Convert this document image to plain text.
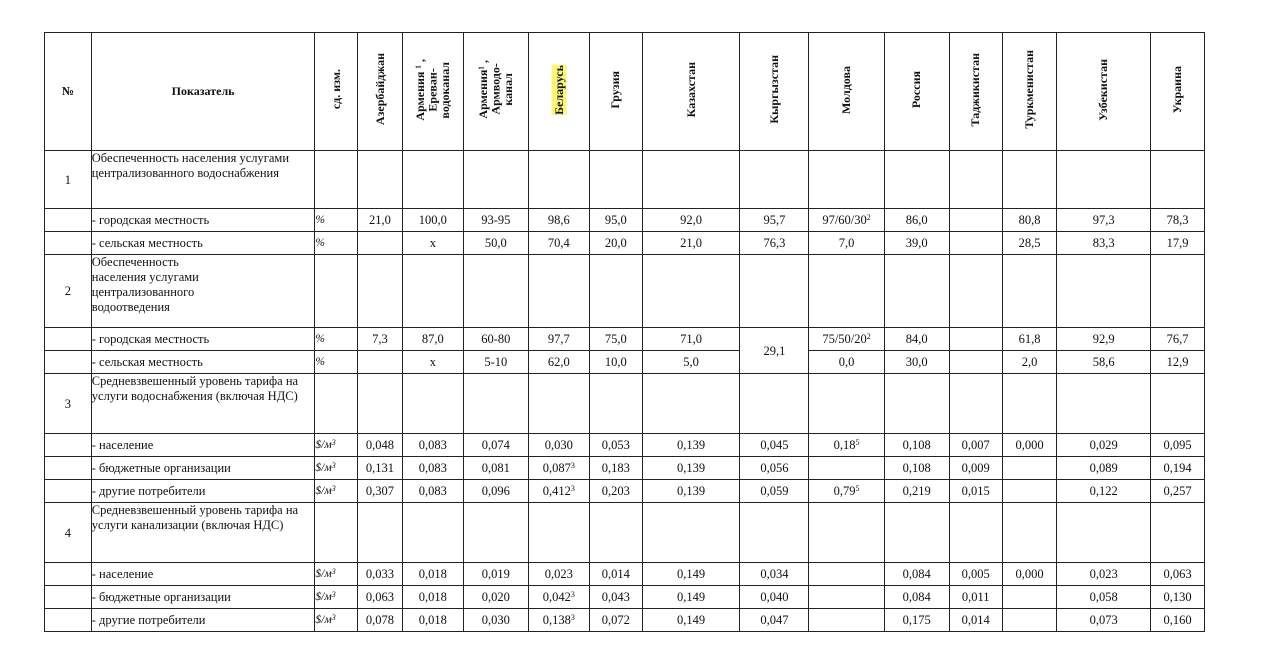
№	Показатель	сд. изм.	Азербайджан	Армения ¹ ,
Ереван-
водоканал	Армения¹ ,
Армводо-
канал	Беларусь	Грузия	Казахстан	Кыргызстан	Молдова	Россия	Таджикистан	Туркменистан	Узбекистан	Украина
1	Обеспеченность населения услугами централизованного водоснабжения														
	- городская местность	%	21,0	100,0	93-95	98,6	95,0	92,0	95,7	$97/60/30^2$	86,0		80,8	97,3	78,3
	- сельская местность	%		x	50,0	70,4	20,0	21,0	76,3	7,0	39,0		28,5	83,3	17,9
2	Обеспеченность населения услугами централизованного водоотведения														
	- городская местность	%	7,3	87,0	60-80	97,7	75,0	71,0	29,1	$75/50/20^2$	84,0		61,8	92,9	76,7
	- сельская местность	%		x	5-10	62,0	10,0	5,0		0,0	30,0		2,0	58,6	12,9
3	Средневзвешенный уровень тарифа на услуги водоснабжения (включая НДС)														
	- население	$\$/м^3$	0,048	0,083	0,074	0,030	0,053	0,139	0,045	0,18$^5$	0,108	0,007	0,000	0,029	0,095
	- бюджетные организации	$\$/м^3$	0,131	0,083	0,081	0,087$^3$	0,183	0,139	0,056		0,108	0,009		0,089	0,194
	- другие потребители	$\$/м^3$	0,307	0,083	0,096	0,412$^3$	0,203	0,139	0,059	0,79$^5$	0,219	0,015		0,122	0,257
4	Средневзвешенный уровень тарифа на услуги канализации (включая НДС)														
	- население	$\$/м^3$	0,033	0,018	0,019	0,023	0,014	0,149	0,034		0,084	0,005	0,000	0,023	0,063
	- бюджетные организации	$\$/м^3$	0,063	0,018	0,020	0,042$^3$	0,043	0,149	0,040		0,084	0,011		0,058	0,130
	- другие потребители	$\$/м^3$	0,078	0,018	0,030	0,138$^3$	0,072	0,149	0,047		0,175	0,014		0,073	0,160
